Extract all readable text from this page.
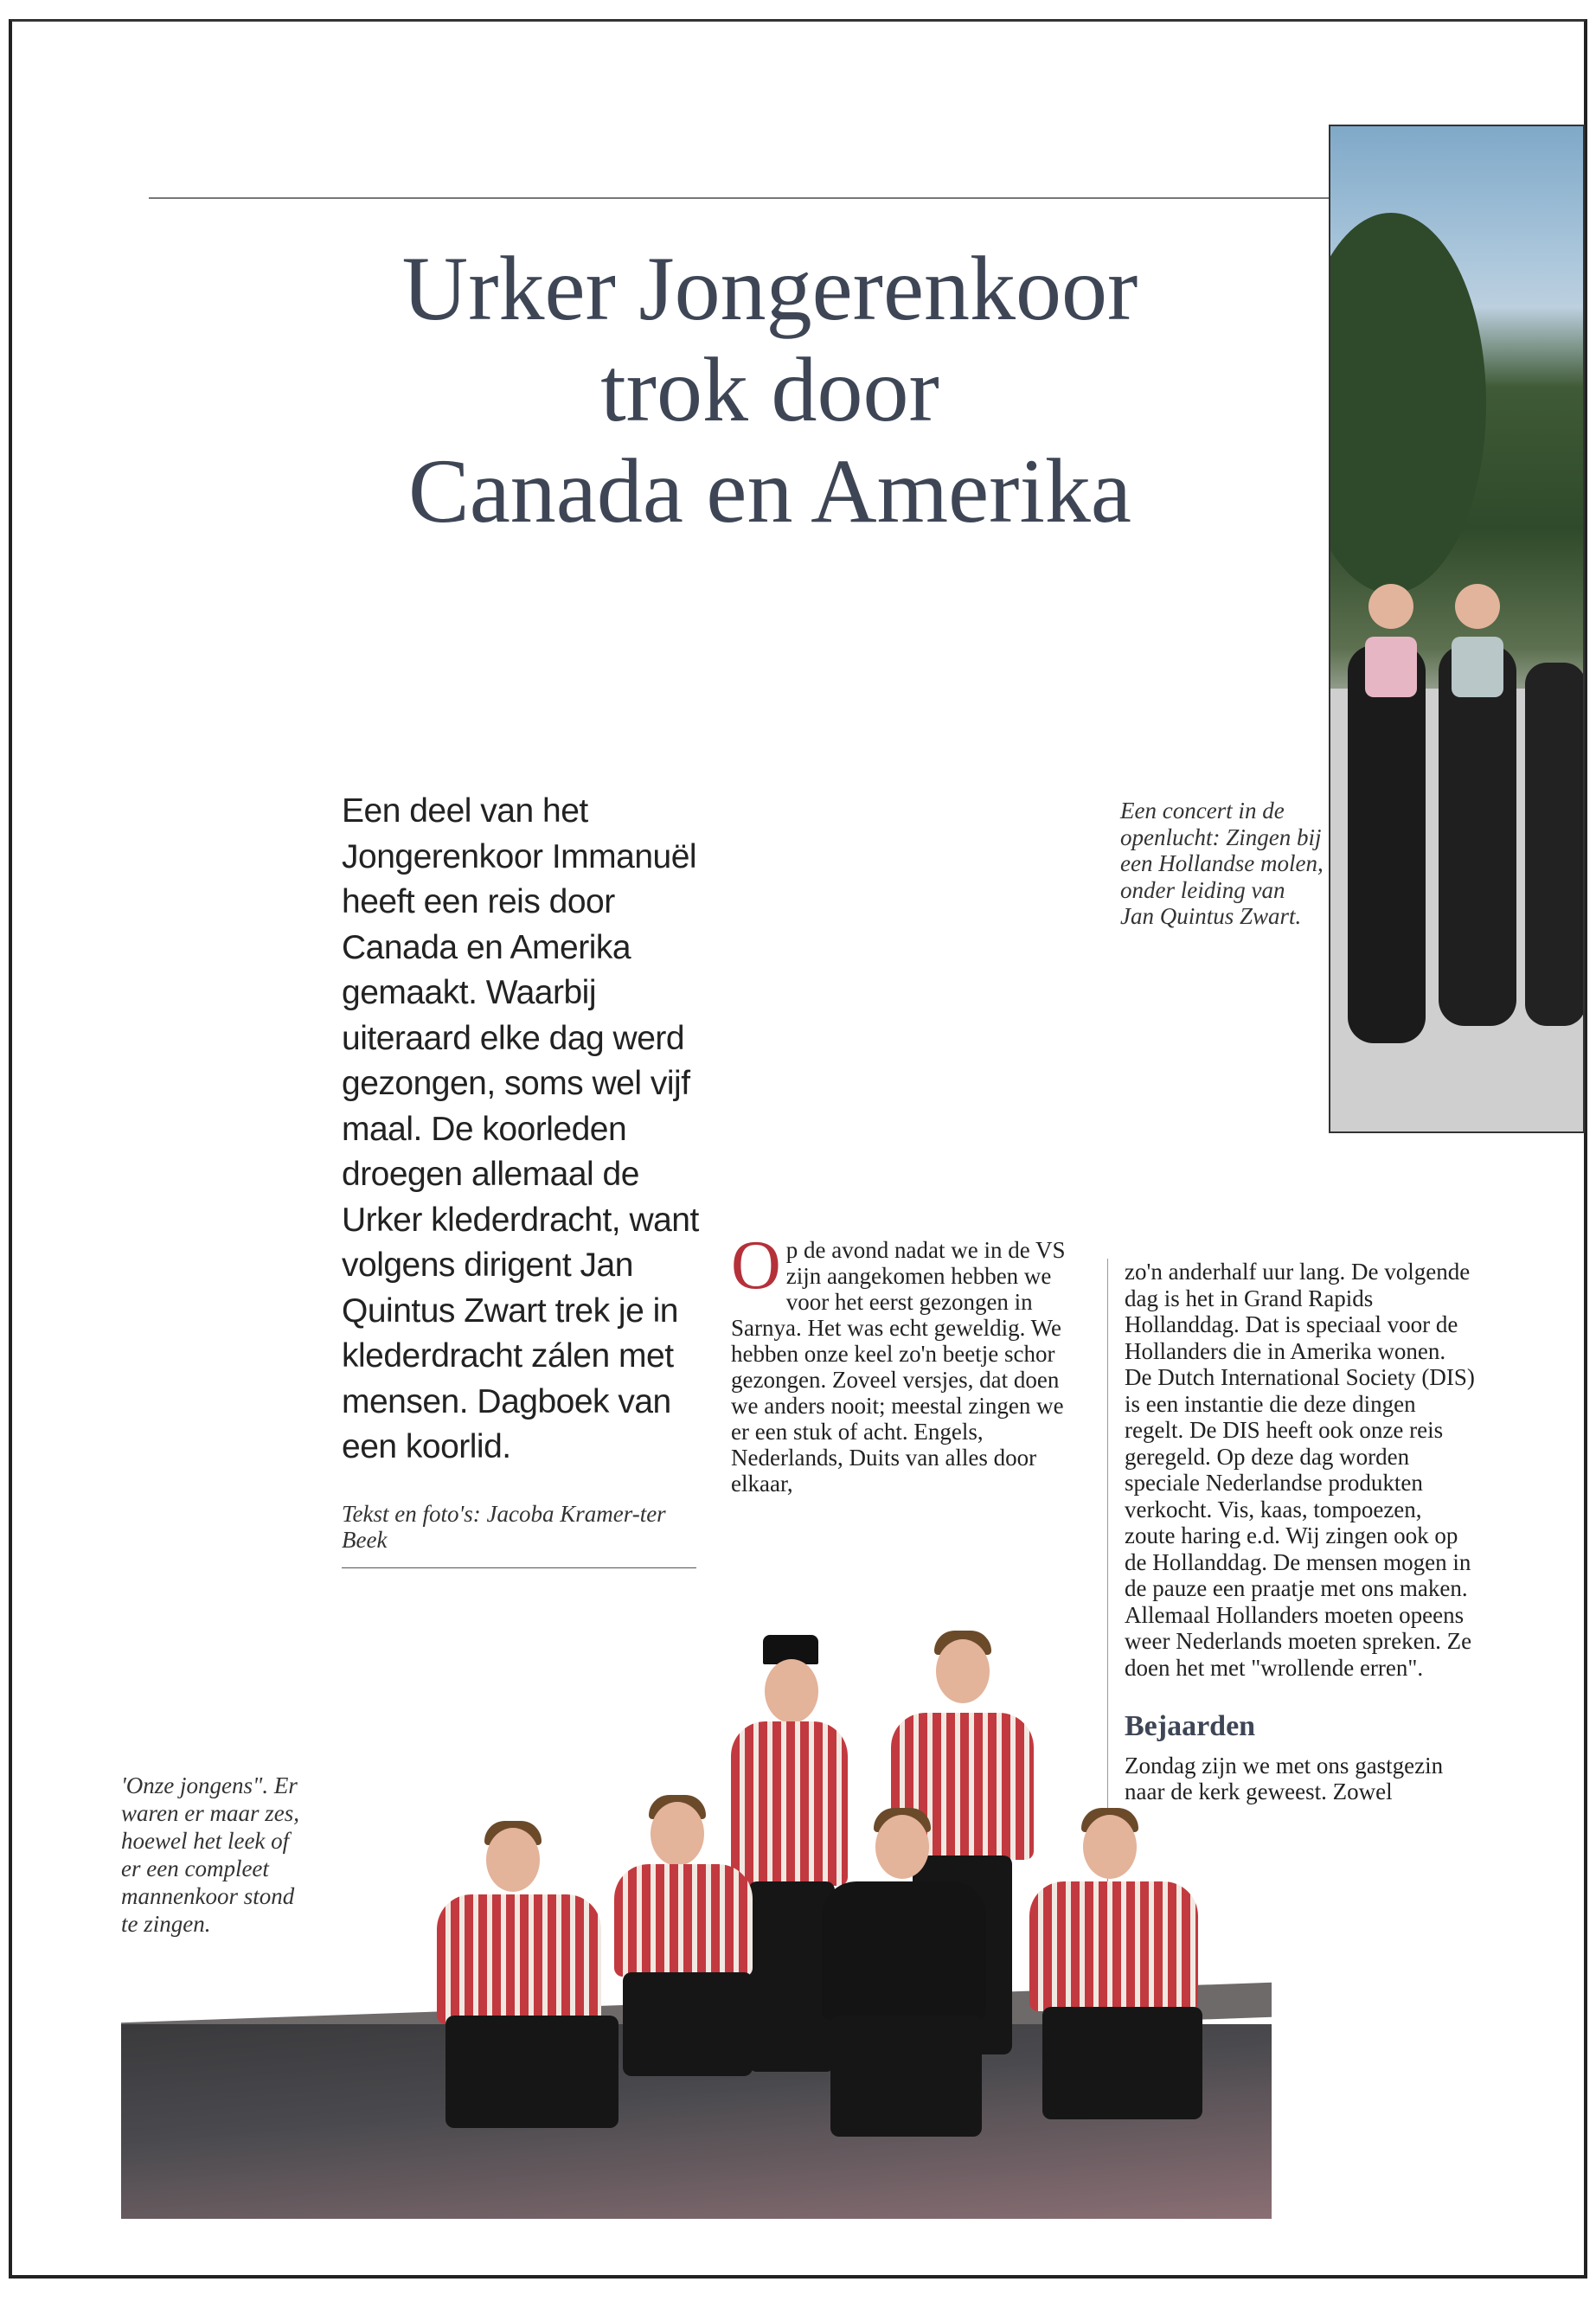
Urker Jongerenkoor
trok door
Canada en Amerika
Een deel van het Jongerenkoor Immanuël heeft een reis door Canada en Amerika gemaakt. Waarbij uiteraard elke dag werd gezongen, soms wel vijf maal. De koorleden droegen allemaal de Urker klederdracht, want volgens dirigent Jan Quintus Zwart trek je in klederdracht zálen met mensen. Dagboek van een koorlid.
Tekst en foto's: Jacoba Kramer-ter Beek
Een concert in de openlucht: Zingen bij een Hollandse molen, onder leiding van Jan Quintus Zwart.
Op de avond nadat we in de VS zijn aangekomen hebben we voor het eerst gezongen in Sarnya. Het was echt geweldig. We hebben onze keel zo'n beetje schor gezongen. Zoveel versjes, dat doen we anders nooit; meestal zingen we er een stuk of acht. Engels, Nederlands, Duits van alles door elkaar,

zo'n anderhalf uur lang. De volgende dag is het in Grand Rapids Hollanddag. Dat is speciaal voor de Hollanders die in Amerika wonen. De Dutch International Society (DIS) is een instantie die deze dingen regelt. De DIS heeft ook onze reis geregeld. Op deze dag worden speciale Nederlandse produkten verkocht. Vis, kaas, tompoezen, zoute haring e.d. Wij zingen ook op de Hollanddag. De mensen mogen in de pauze een praatje met ons maken. Allemaal Hollanders moeten opeens weer Nederlands moeten spreken. Ze doen het met "wrollende erren".

Bejaarden

Zondag zijn we met ons gastgezin naar de kerk geweest. Zowel

'Onze jongens". Er waren er maar zes, hoewel het leek of er een compleet mannenkoor stond te zingen.
